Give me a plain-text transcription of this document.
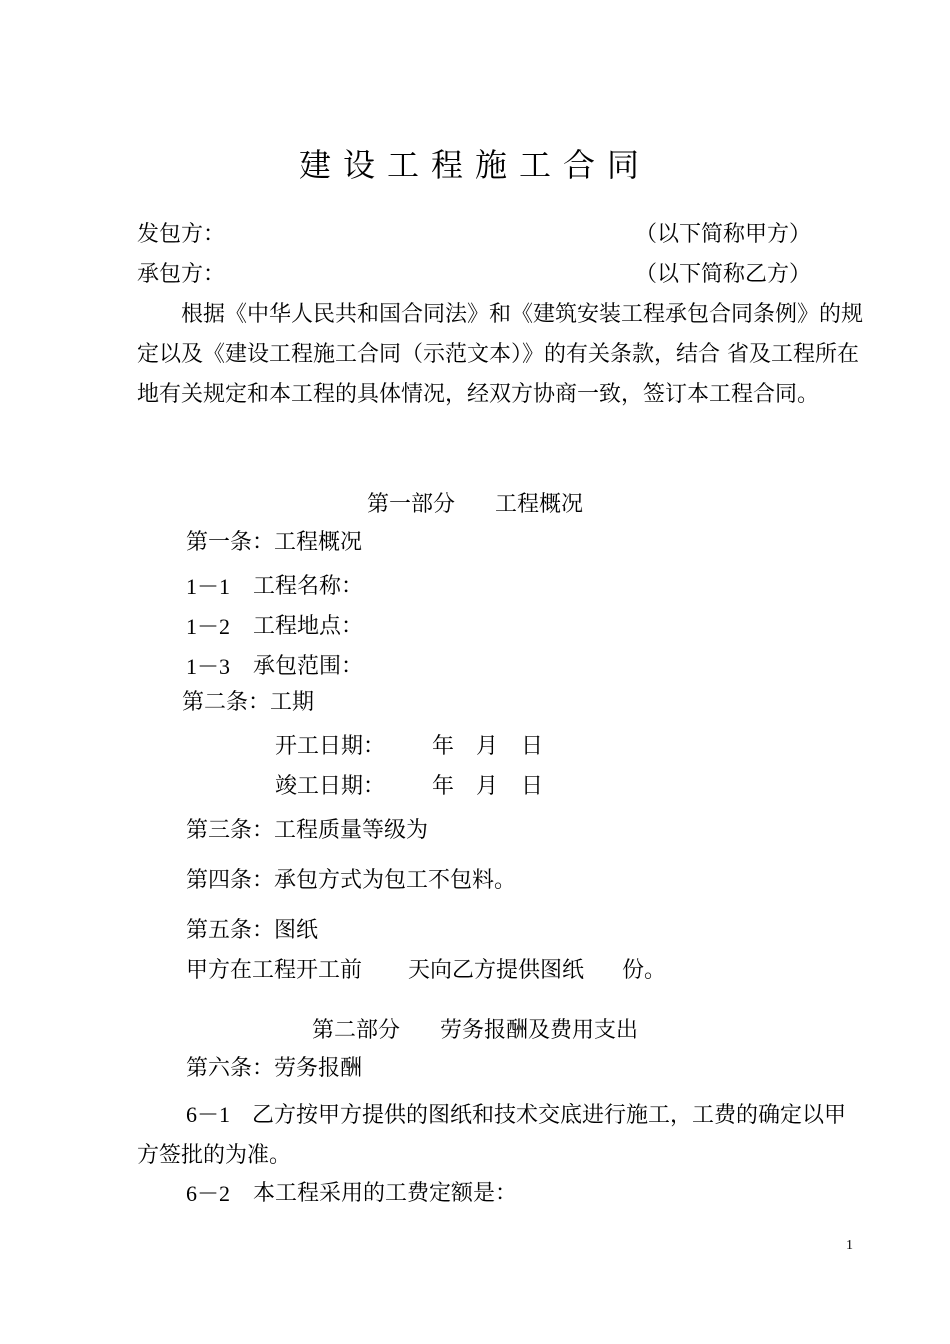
建设工程施工合同
发包方：	（以下简称甲方）
承包方：	（以下简称乙方）
根据《中华人民共和国合同法》和《建筑安装工程承包合同条例》的规定以及《建设工程施工合同（示范文本）》的有关条款，结合 省及工程所在地有关规定和本工程的具体情况，经双方协商一致，签订本工程合同。
第一部分 工程概况
第一条：工程概况
1－1 工程名称：
1－2 工程地点：
1－3 承包范围：
第二条：工期
开工日期： 年 月 日
竣工日期： 年 月 日
第三条：工程质量等级为
第四条：承包方式为包工不包料。
第五条：图纸
甲方在工程开工前 天向乙方提供图纸 份。
第二部分 劳务报酬及费用支出
第六条：劳务报酬
6－1 乙方按甲方提供的图纸和技术交底进行施工，工费的确定以甲方签批的为准。
6－2 本工程采用的工费定额是：
1
